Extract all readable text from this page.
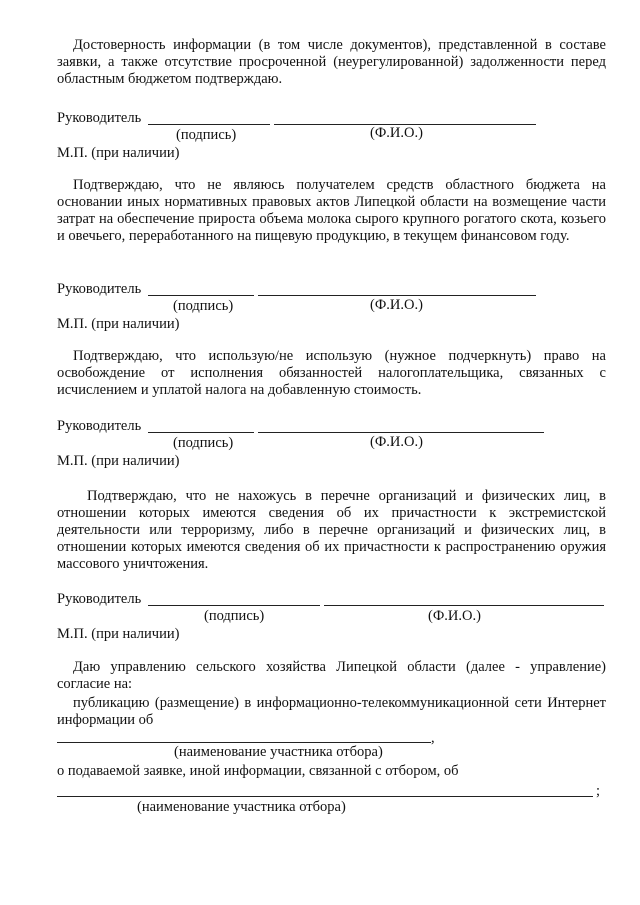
Достоверность информации (в том числе документов), представленной в составе заявки, а также отсутствие просроченной (неурегулированной) задолженности перед областным бюджетом подтверждаю.
Руководитель
(подпись)	(Ф.И.О.)
М.П. (при наличии)
Подтверждаю, что не являюсь получателем средств областного бюджета на основании иных нормативных правовых актов Липецкой области на возмещение части затрат на обеспечение прироста объема молока сырого крупного рогатого скота, козьего и овечьего, переработанного на пищевую продукцию, в текущем финансовом году.
Руководитель
(подпись)	(Ф.И.О.)
М.П. (при наличии)
Подтверждаю, что использую/не использую (нужное подчеркнуть) право на освобождение от исполнения обязанностей налогоплательщика, связанных с исчислением и уплатой налога на добавленную стоимость.
Руководитель
(подпись)	(Ф.И.О.)
М.П. (при наличии)
Подтверждаю, что не нахожусь в перечне организаций и физических лиц, в отношении которых имеются сведения об их причастности к экстремистской деятельности или терроризму, либо в перечне организаций и физических лиц, в отношении которых имеются сведения об их причастности к распространению оружия массового уничтожения.
Руководитель
(подпись)	(Ф.И.О.)
М.П. (при наличии)
Даю управлению сельского хозяйства Липецкой области (далее - управление) согласие на:
публикацию (размещение) в информационно-телекоммуникационной сети Интернет информации об
,
(наименование участника отбора)
о подаваемой заявке, иной информации, связанной с отбором, об
;
(наименование участника отбора)
